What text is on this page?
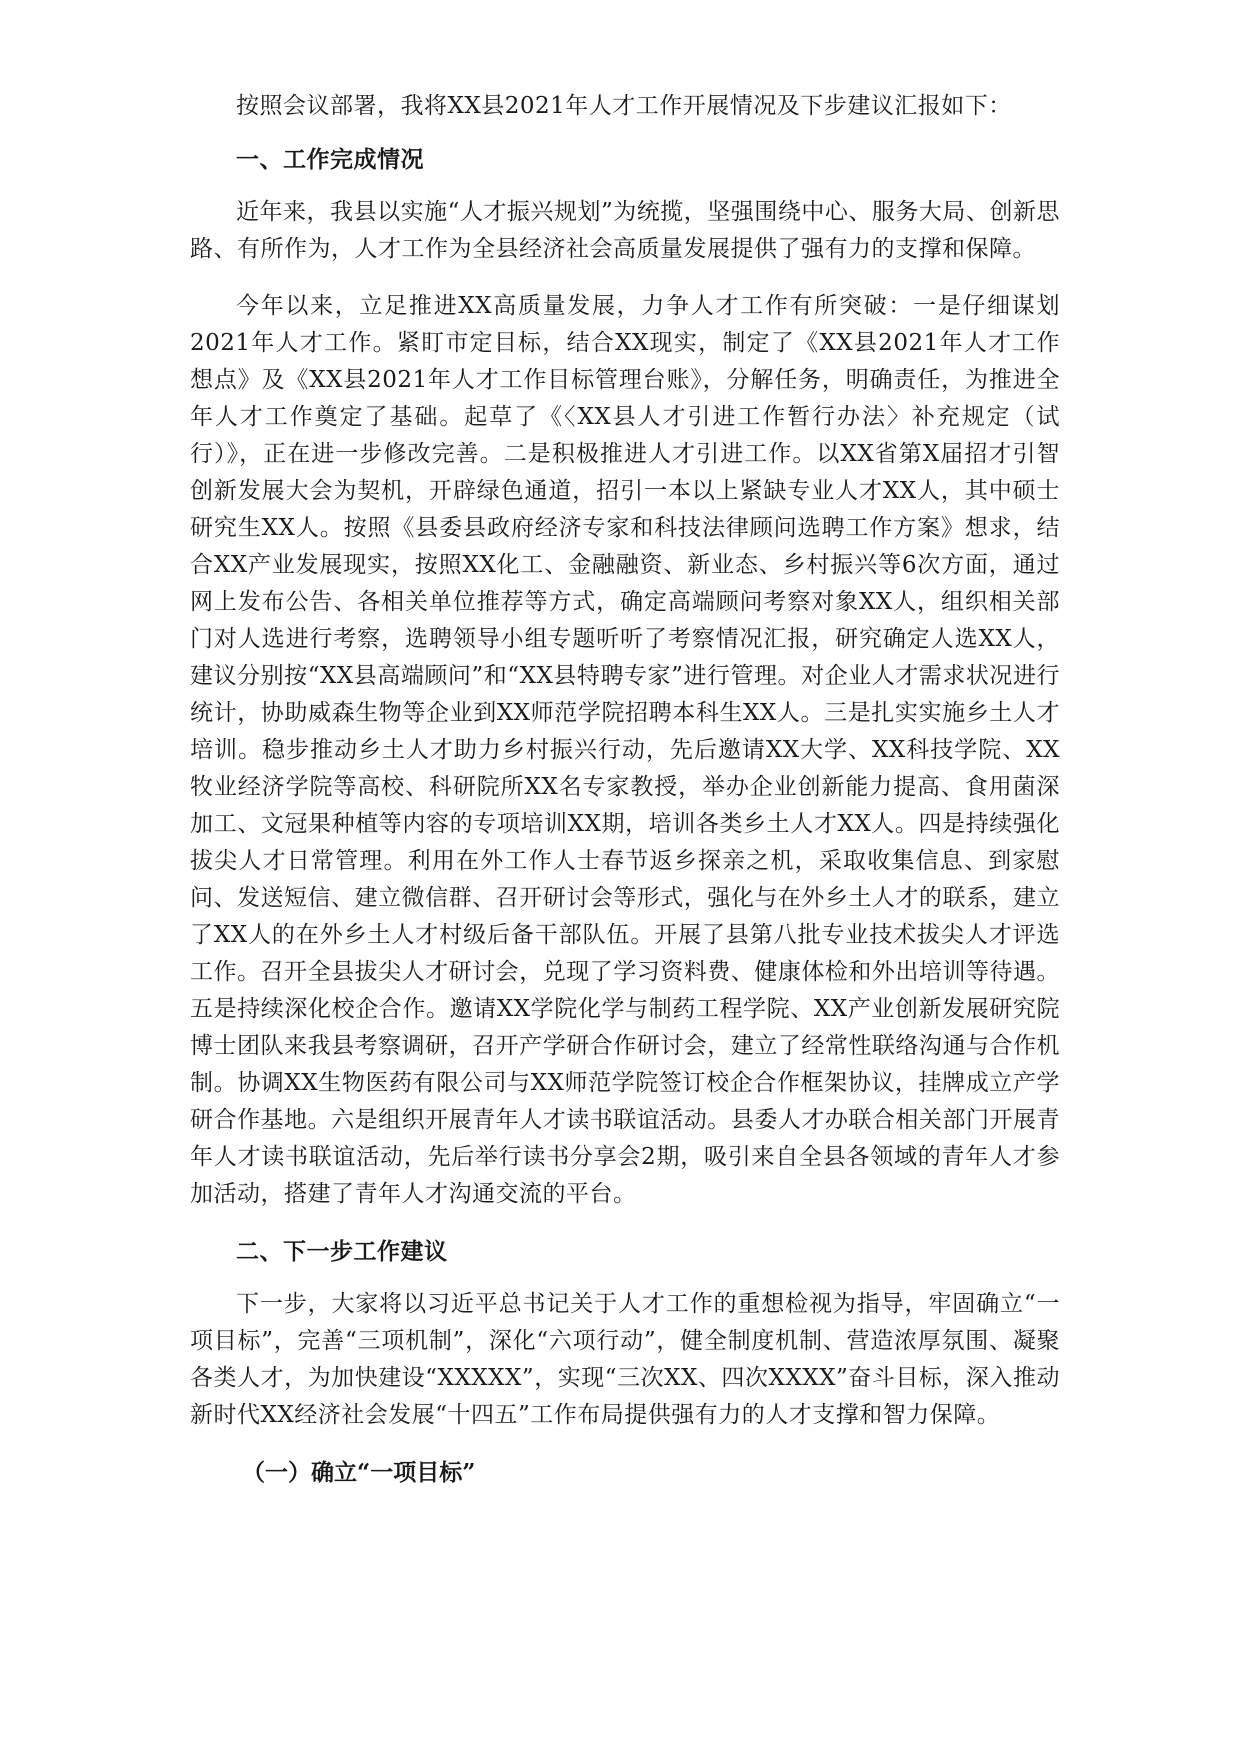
按照会议部署，我将XX县2021年人才工作开展情况及下步建议汇报如下：

一、工作完成情况

近年来，我县以实施“人才振兴规划”为统揽，坚强围绕中心、服务大局、创新思路、有所作为，人才工作为全县经济社会高质量发展提供了强有力的支撑和保障。

今年以来，立足推进XX高质量发展，力争人才工作有所突破：一是仔细谋划2021年人才工作。紧盯市定目标，结合XX现实，制定了《XX县2021年人才工作想点》及《XX县2021年人才工作目标管理台账》，分解任务，明确责任，为推进全年人才工作奠定了基础。起草了《〈XX县人才引进工作暂行办法〉补充规定（试行）》，正在进一步修改完善。二是积极推进人才引进工作。以XX省第X届招才引智创新发展大会为契机，开辟绿色通道，招引一本以上紧缺专业人才XX人，其中硕士研究生XX人。按照《县委县政府经济专家和科技法律顾问选聘工作方案》想求，结合XX产业发展现实，按照XX化工、金融融资、新业态、乡村振兴等6次方面，通过网上发布公告、各相关单位推荐等方式，确定高端顾问考察对象XX人，组织相关部门对人选进行考察，选聘领导小组专题听听了考察情况汇报，研究确定人选XX人，建议分别按“XX县高端顾问”和“XX县特聘专家”进行管理。对企业人才需求状况进行统计，协助威森生物等企业到XX师范学院招聘本科生XX人。三是扎实实施乡土人才培训。稳步推动乡土人才助力乡村振兴行动，先后邀请XX大学、XX科技学院、XX牧业经济学院等高校、科研院所XX名专家教授，举办企业创新能力提高、食用菌深加工、文冠果种植等内容的专项培训XX期，培训各类乡土人才XX人。四是持续强化拔尖人才日常管理。利用在外工作人士春节返乡探亲之机，采取收集信息、到家慰问、发送短信、建立微信群、召开研讨会等形式，强化与在外乡土人才的联系，建立了XX人的在外乡土人才村级后备干部队伍。开展了县第八批专业技术拔尖人才评选工作。召开全县拔尖人才研讨会，兑现了学习资料费、健康体检和外出培训等待遇。五是持续深化校企合作。邀请XX学院化学与制药工程学院、XX产业创新发展研究院博士团队来我县考察调研，召开产学研合作研讨会，建立了经常性联络沟通与合作机制。协调XX生物医药有限公司与XX师范学院签订校企合作框架协议，挂牌成立产学研合作基地。六是组织开展青年人才读书联谊活动。县委人才办联合相关部门开展青年人才读书联谊活动，先后举行读书分享会2期，吸引来自全县各领域的青年人才参加活动，搭建了青年人才沟通交流的平台。

二、下一步工作建议

下一步，大家将以习近平总书记关于人才工作的重想检视为指导，牢固确立“一项目标”，完善“三项机制”，深化“六项行动”，健全制度机制、营造浓厚氛围、凝聚各类人才，为加快建设“XXXXX”，实现“三次XX、四次XXXX”奋斗目标，深入推动新时代XX经济社会发展“十四五”工作布局提供强有力的人才支撑和智力保障。

（一）确立“一项目标”
